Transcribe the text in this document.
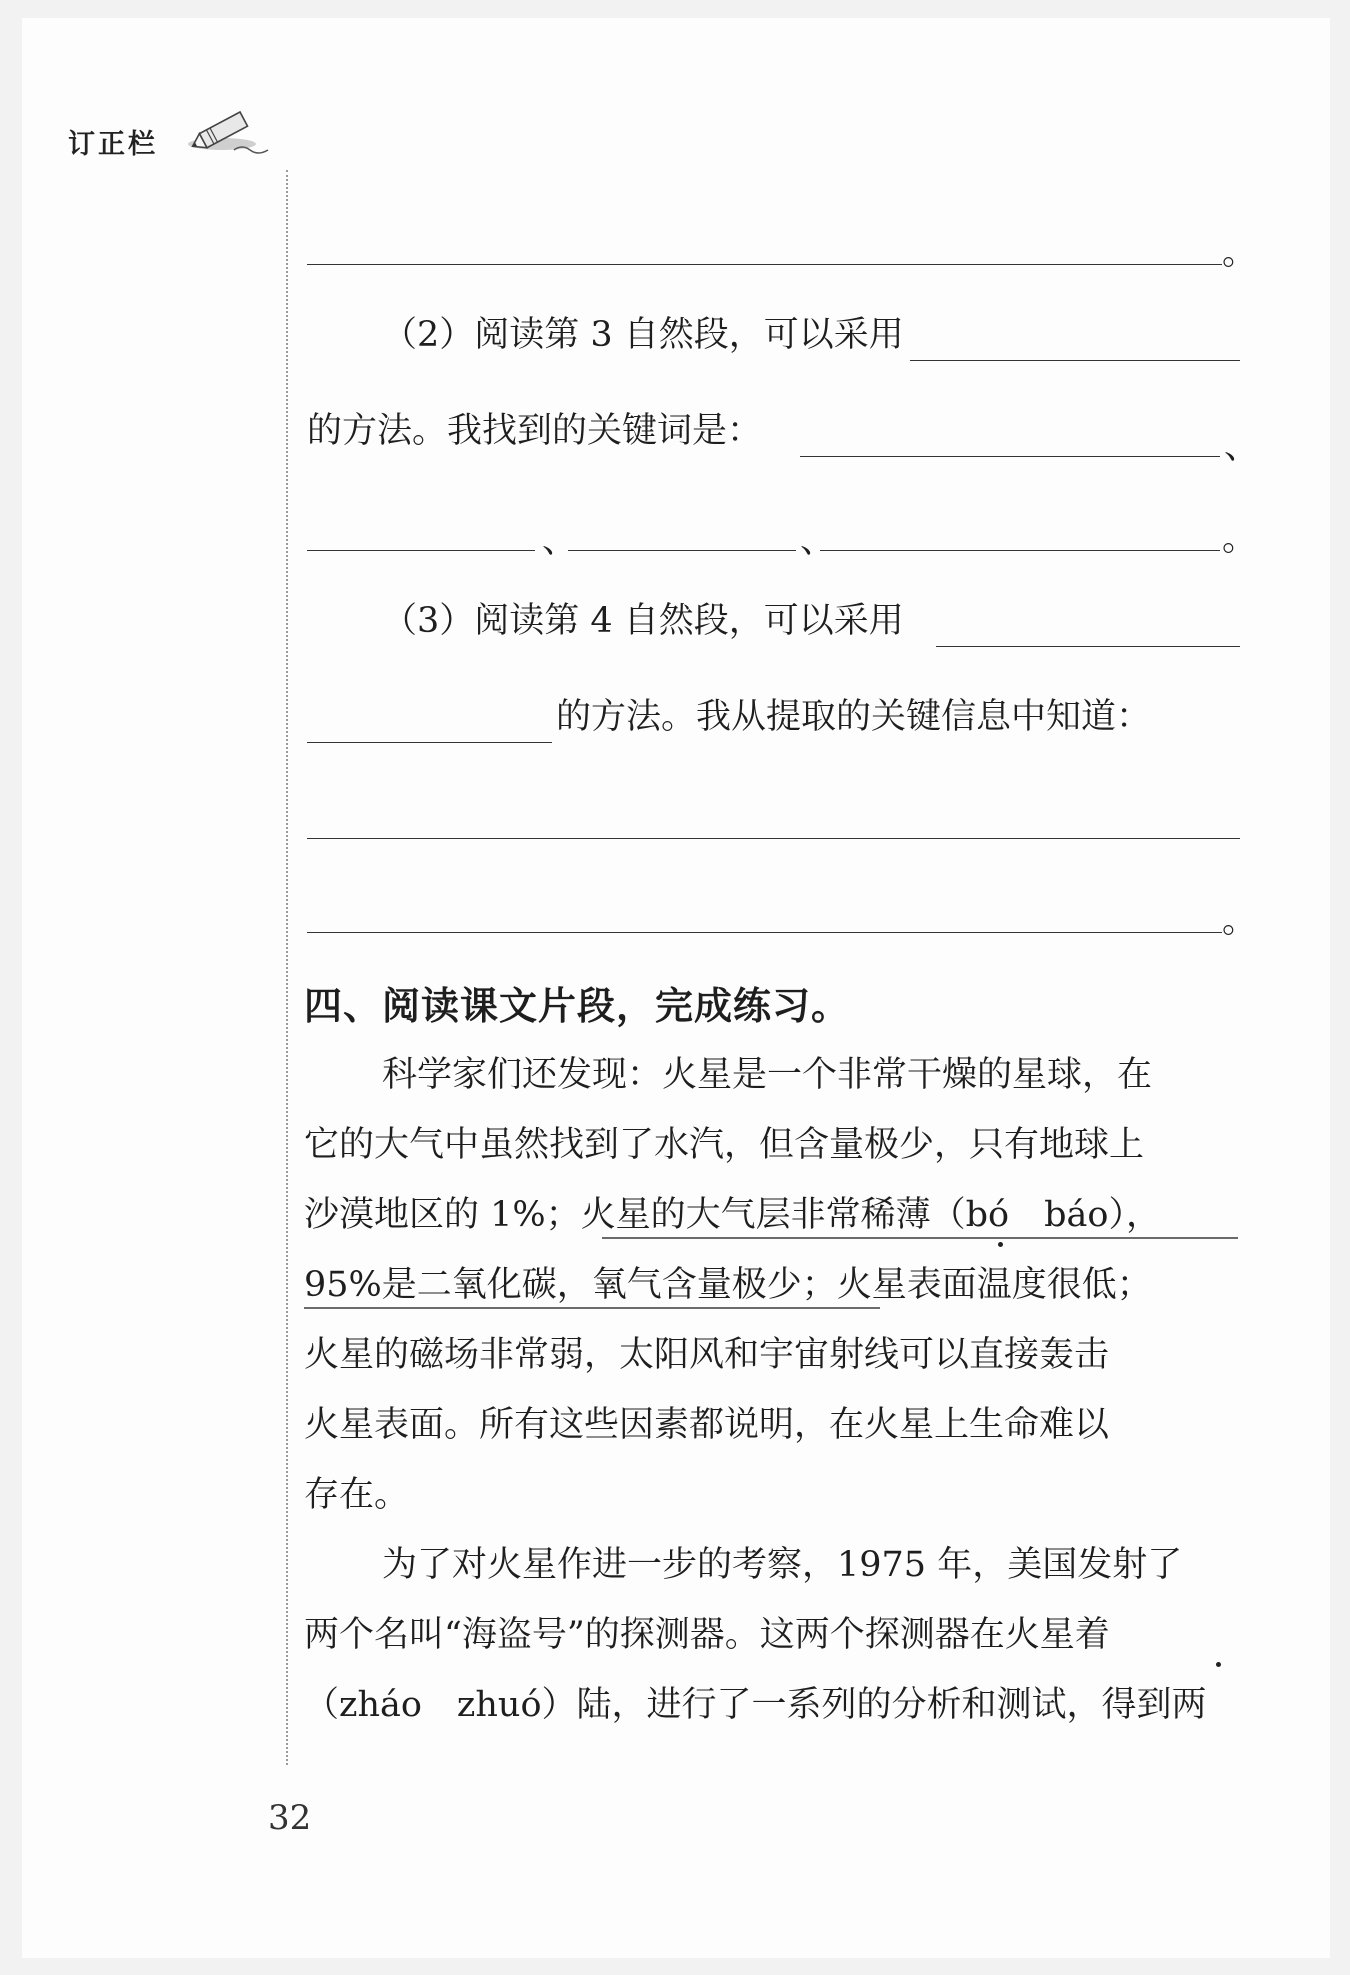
订正栏
。
（2）阅读第 3 自然段，可以采用
的方法。我找到的关键词是：	、
、	、	。
（3）阅读第 4 自然段，可以采用
的方法。我从提取的关键信息中知道：
。
四、阅读课文片段，完成练习。
科学家们还发现：火星是一个非常干燥的星球，在
它的大气中虽然找到了水汽，但含量极少，只有地球上
沙漠地区的 1%；火星的大气层非常稀薄（bó　báo），
95%是二氧化碳，氧气含量极少；火星表面温度很低；
火星的磁场非常弱，太阳风和宇宙射线可以直接轰击
火星表面。所有这些因素都说明，在火星上生命难以
存在。
为了对火星作进一步的考察，1975 年，美国发射了
两个名叫“海盗号”的探测器。这两个探测器在火星着
（zháo　zhuó）陆，进行了一系列的分析和测试，得到两
32
